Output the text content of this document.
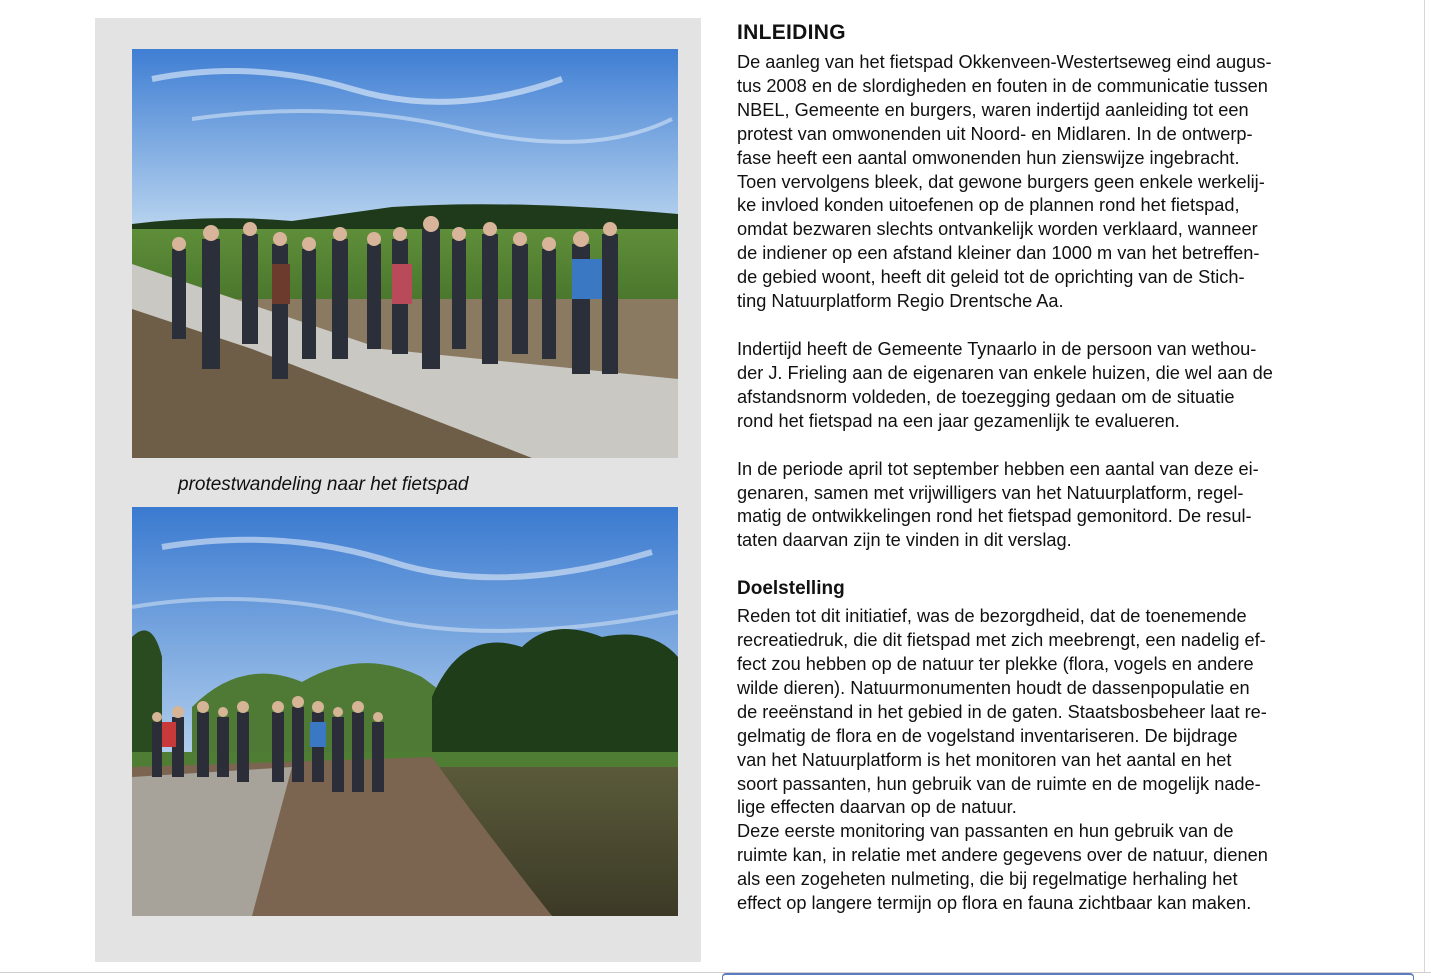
protestwandeling naar het fietspad
INLEIDING

De aanleg van het fietspad Okkenveen-Westertseweg eind augus-
tus 2008 en de slordigheden en fouten in de communicatie tussen
NBEL, Gemeente en burgers, waren indertijd aanleiding tot een
protest van omwonenden uit Noord- en Midlaren. In de ontwerp-
fase heeft een aantal omwonenden hun zienswijze ingebracht.
Toen vervolgens bleek, dat gewone burgers geen enkele werkelij-
ke invloed konden uitoefenen op de plannen rond het fietspad,
omdat bezwaren slechts ontvankelijk worden verklaard, wanneer
de indiener op een afstand kleiner dan 1000 m van het betreffen-
de gebied woont, heeft dit geleid tot de oprichting van de Stich-
ting Natuurplatform Regio Drentsche Aa.

Indertijd heeft de Gemeente Tynaarlo in de persoon van wethou-
der J. Frieling aan de eigenaren van enkele huizen, die wel aan de
afstandsnorm voldeden, de toezegging gedaan om de situatie
rond het fietspad na een jaar gezamenlijk te evalueren.

In de periode april tot september hebben een aantal van deze ei-
genaren, samen met vrijwilligers van het Natuurplatform, regel-
matig de ontwikkelingen rond het fietspad gemonitord. De resul-
taten daarvan zijn te vinden in dit verslag.

Doelstelling

Reden tot dit initiatief, was de bezorgdheid, dat de toenemende
recreatiedruk, die dit fietspad met zich meebrengt, een nadelig ef-
fect zou hebben op de natuur ter plekke (flora, vogels en andere
wilde dieren). Natuurmonumenten houdt de dassenpopulatie en
de reeënstand in het gebied in de gaten. Staatsbosbeheer laat re-
gelmatig de flora en de vogelstand inventariseren. De bijdrage
van het Natuurplatform is het monitoren van het aantal en het
soort passanten, hun gebruik van de ruimte en de mogelijk nade-
lige effecten daarvan op de natuur.

Deze eerste monitoring van passanten en hun gebruik van de
ruimte kan, in relatie met andere gegevens over de natuur, dienen
als een zogeheten nulmeting, die bij regelmatige herhaling het
effect op langere termijn op flora en fauna zichtbaar kan maken.
